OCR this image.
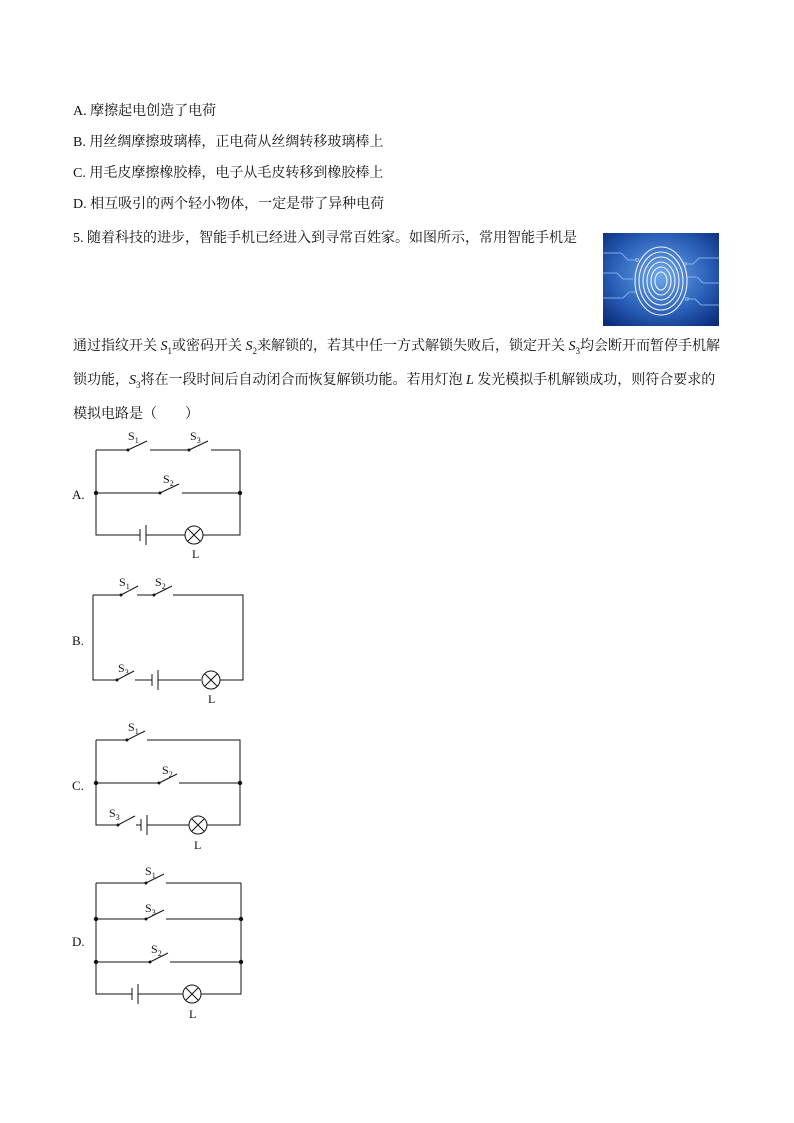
A. 摩擦起电创造了电荷
B. 用丝绸摩擦玻璃棒，正电荷从丝绸转移玻璃棒上
C. 用毛皮摩擦橡胶棒，电子从毛皮转移到橡胶棒上
D. 相互吸引的两个轻小物体，一定是带了异种电荷
5. 随着科技的进步，智能手机已经进入到寻常百姓家。如图所示，常用智能手机是
通过指纹开关 $S_1$或密码开关 $S_2$来解锁的，若其中任一方式解锁失败后，锁定开关 $S_3$均会断开而暂停手机解锁功能，$S_3$将在一段时间后自动闭合而恢复解锁功能。若用灯泡 L 发光模拟手机解锁成功，则符合要求的模拟电路是（　　）
A.
B.
C.
D.
$S_1$	$S_3$
$S_2$
L
$S_1$ $S_2$
$S_3$
L
$S_1$
$S_2$
$S_3$
L
$S_1$
$S_3$
$S_2$
L
